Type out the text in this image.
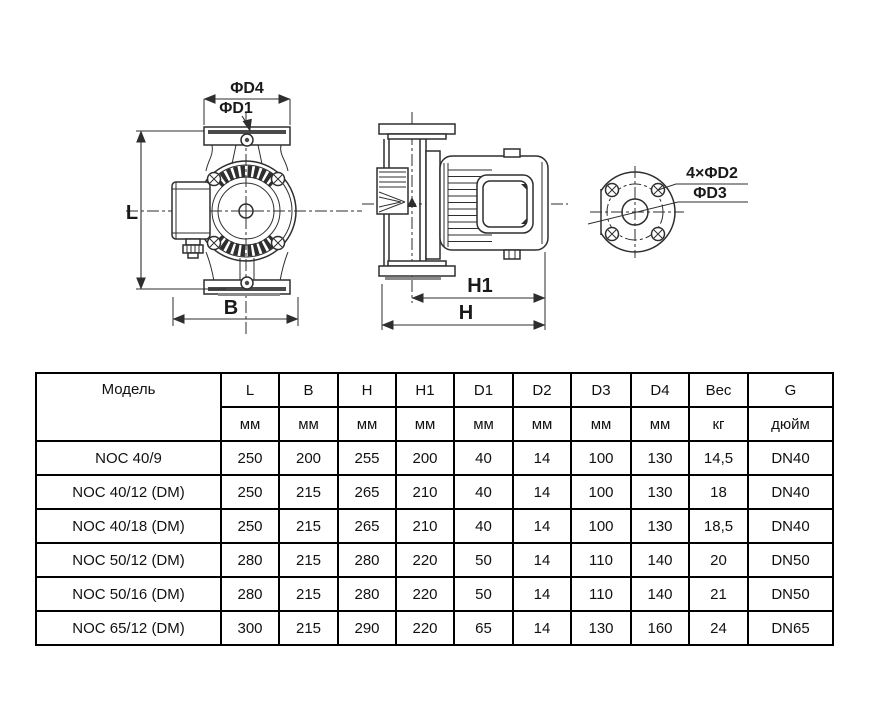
ΦD4
ΦD1
L
B
H1
H
4×ΦD2
ΦD3
Модель	L	B	H	H1	D1	D2	D3	D4	Вес	G
	мм	мм	мм	мм	мм	мм	мм	мм	кг	дюйм
NOC 40/9	250	200	255	200	40	14	100	130	14,5	DN40
NOC 40/12 (DM)	250	215	265	210	40	14	100	130	18	DN40
NOC 40/18 (DM)	250	215	265	210	40	14	100	130	18,5	DN40
NOC 50/12 (DM)	280	215	280	220	50	14	110	140	20	DN50
NOC 50/16 (DM)	280	215	280	220	50	14	110	140	21	DN50
NOC 65/12 (DM)	300	215	290	220	65	14	130	160	24	DN65
